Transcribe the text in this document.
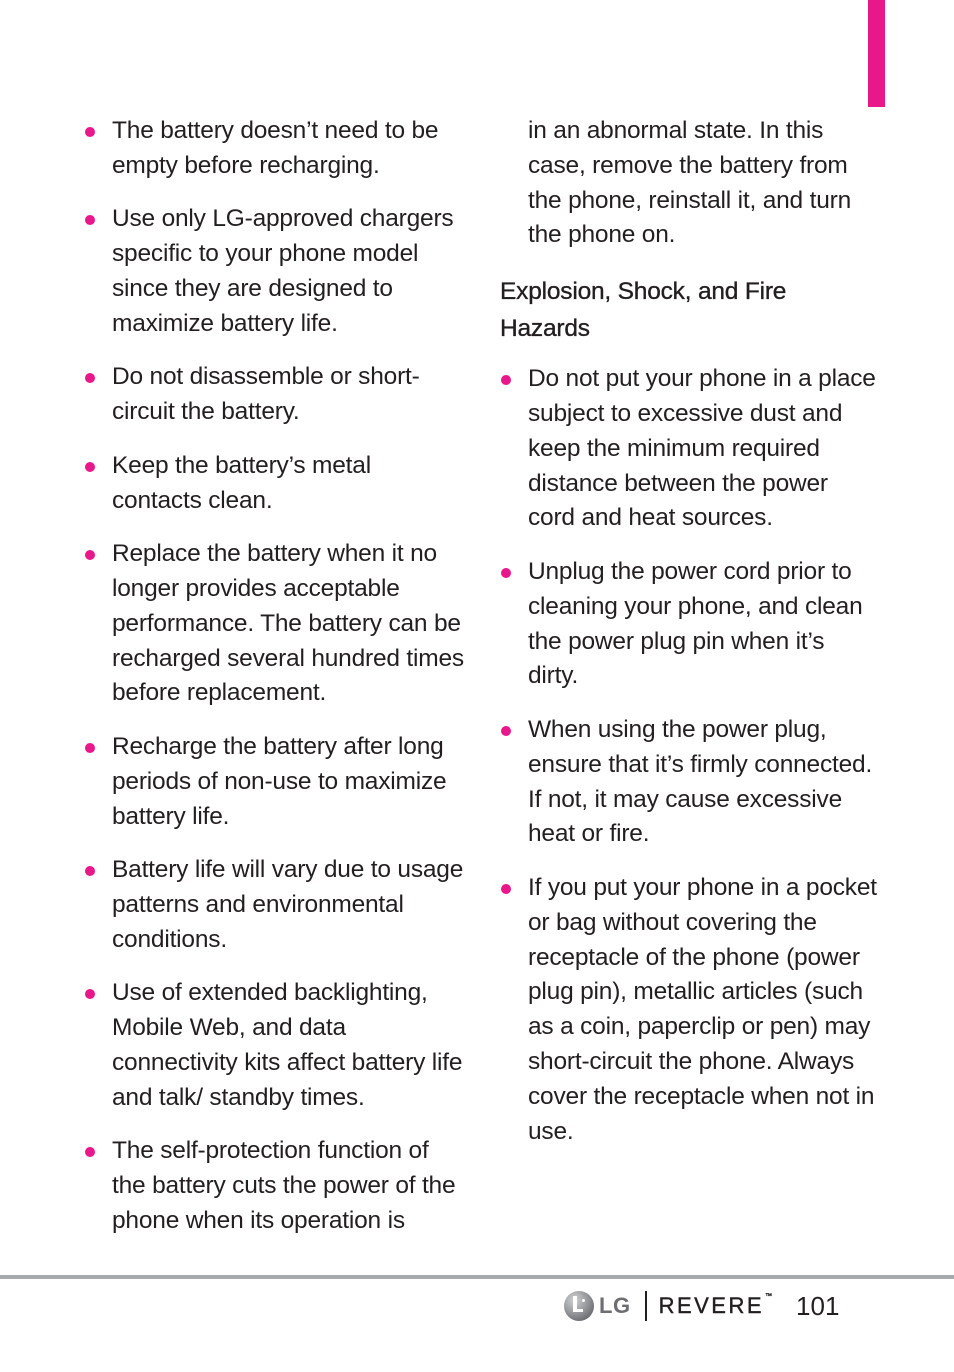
The battery doesn’t need to be empty before recharging.
Use only LG-approved chargers specific to your phone model since they are designed to maximize battery life.
Do not disassemble or short-circuit the battery.
Keep the battery’s metal contacts clean.
Replace the battery when it no longer provides acceptable performance. The battery can be recharged several hundred times before replacement.
Recharge the battery after long periods of non-use to maximize battery life.
Battery life will vary due to usage patterns and environmental conditions.
Use of extended backlighting, Mobile Web, and data connectivity kits affect battery life and talk/ standby times.
The self-protection function of the battery cuts the power of the phone when its operation is

in an abnormal state. In this case, remove the battery from the phone, reinstall it, and turn the phone on.

Explosion, Shock, and Fire Hazards
Do not put your phone in a place subject to excessive dust and keep the minimum required distance between the power cord and heat sources.
Unplug the power cord prior to cleaning your phone, and clean the power plug pin when it’s dirty.
When using the power plug, ensure that it’s firmly connected. If not, it may cause excessive heat or fire.
If you put your phone in a pocket or bag without covering the receptacle of the phone (power plug pin), metallic articles (such as a coin, paperclip or pen) may short-circuit the phone. Always cover the receptacle when not in use.
LG REVERE™ 101
